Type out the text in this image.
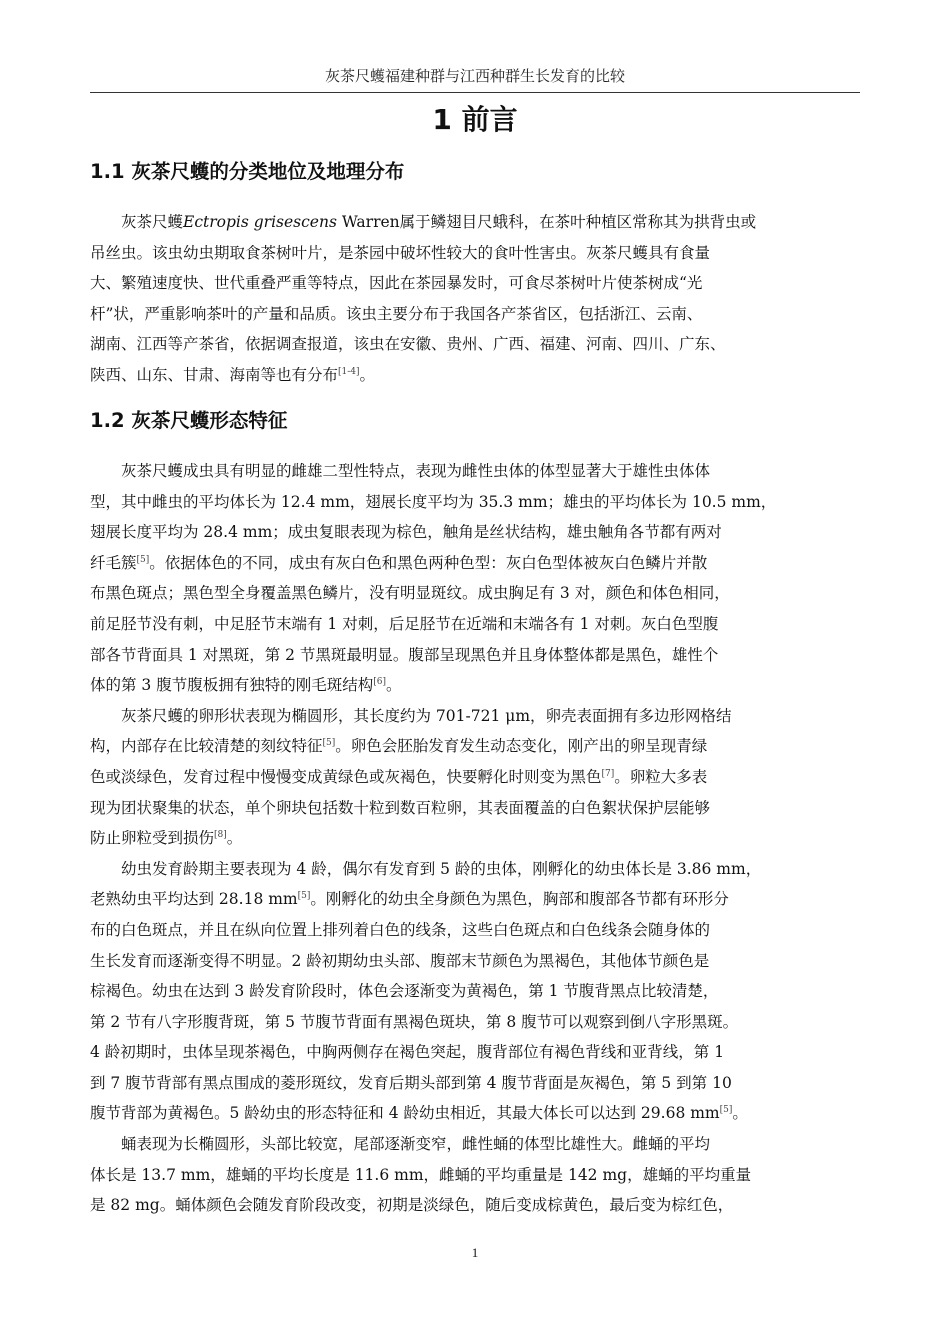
灰茶尺蠖福建种群与江西种群生长发育的比较
1 前言
1.1 灰茶尺蠖的分类地位及地理分布

灰茶尺蠖Ectropis grisescens Warren属于鳞翅目尺蛾科，在茶叶种植区常称其为拱背虫或

吊丝虫。该虫幼虫期取食茶树叶片，是茶园中破坏性较大的食叶性害虫。灰茶尺蠖具有食量

大、繁殖速度快、世代重叠严重等特点，因此在茶园暴发时，可食尽茶树叶片使茶树成“光

杆”状，严重影响茶叶的产量和品质。该虫主要分布于我国各产茶省区，包括浙江、云南、

湖南、江西等产茶省，依据调查报道，该虫在安徽、贵州、广西、福建、河南、四川、广东、

陕西、山东、甘肃、海南等也有分布[1-4]。

1.2 灰茶尺蠖形态特征

灰茶尺蠖成虫具有明显的雌雄二型性特点，表现为雌性虫体的体型显著大于雄性虫体体

型，其中雌虫的平均体长为 12.4 mm，翅展长度平均为 35.3 mm；雄虫的平均体长为 10.5 mm，

翅展长度平均为 28.4 mm；成虫复眼表现为棕色，触角是丝状结构，雄虫触角各节都有两对

纤毛簇[5]。依据体色的不同，成虫有灰白色和黑色两种色型：灰白色型体被灰白色鳞片并散

布黑色斑点；黑色型全身覆盖黑色鳞片，没有明显斑纹。成虫胸足有 3 对，颜色和体色相同，

前足胫节没有刺，中足胫节末端有 1 对刺，后足胫节在近端和末端各有 1 对刺。灰白色型腹

部各节背面具 1 对黑斑，第 2 节黑斑最明显。腹部呈现黑色并且身体整体都是黑色，雄性个

体的第 3 腹节腹板拥有独特的刚毛斑结构[6]。

灰茶尺蠖的卵形状表现为椭圆形，其长度约为 701-721 μm，卵壳表面拥有多边形网格结

构，内部存在比较清楚的刻纹特征[5]。卵色会胚胎发育发生动态变化，刚产出的卵呈现青绿

色或淡绿色，发育过程中慢慢变成黄绿色或灰褐色，快要孵化时则变为黑色[7]。卵粒大多表

现为团状聚集的状态，单个卵块包括数十粒到数百粒卵，其表面覆盖的白色絮状保护层能够

防止卵粒受到损伤[8]。

幼虫发育龄期主要表现为 4 龄，偶尔有发育到 5 龄的虫体，刚孵化的幼虫体长是 3.86 mm，

老熟幼虫平均达到 28.18 mm[5]。刚孵化的幼虫全身颜色为黑色，胸部和腹部各节都有环形分

布的白色斑点，并且在纵向位置上排列着白色的线条，这些白色斑点和白色线条会随身体的

生长发育而逐渐变得不明显。2 龄初期幼虫头部、腹部末节颜色为黑褐色，其他体节颜色是

棕褐色。幼虫在达到 3 龄发育阶段时，体色会逐渐变为黄褐色，第 1 节腹背黑点比较清楚，

第 2 节有八字形腹背斑，第 5 节腹节背面有黑褐色斑块，第 8 腹节可以观察到倒八字形黑斑。

4 龄初期时，虫体呈现茶褐色，中胸两侧存在褐色突起，腹背部位有褐色背线和亚背线，第 1

到 7 腹节背部有黑点围成的菱形斑纹，发育后期头部到第 4 腹节背面是灰褐色，第 5 到第 10

腹节背部为黄褐色。5 龄幼虫的形态特征和 4 龄幼虫相近，其最大体长可以达到 29.68 mm[5]。

蛹表现为长椭圆形，头部比较宽，尾部逐渐变窄，雌性蛹的体型比雄性大。雌蛹的平均

体长是 13.7 mm，雄蛹的平均长度是 11.6 mm，雌蛹的平均重量是 142 mg，雄蛹的平均重量

是 82 mg。蛹体颜色会随发育阶段改变，初期是淡绿色，随后变成棕黄色，最后变为棕红色，

1
